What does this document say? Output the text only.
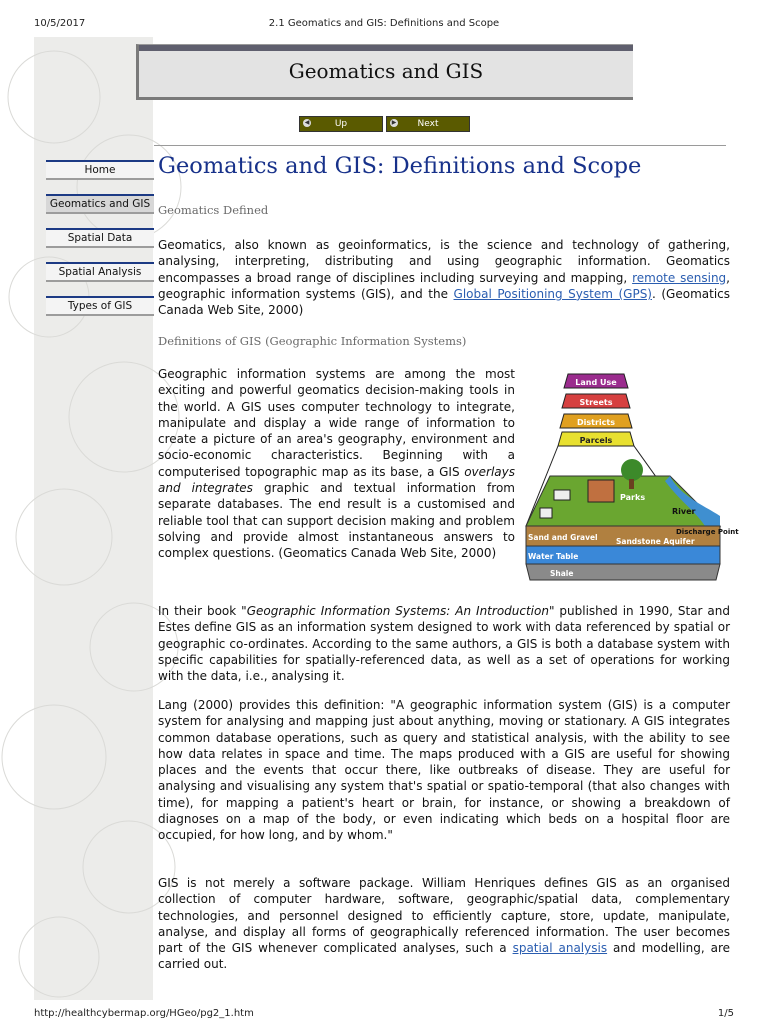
10/5/2017	2.1 Geomatics and GIS: Definitions and Scope
Geomatics and GIS
◀	Up	▶	Next
Home
Geomatics and GIS
Spatial Data
Spatial Analysis
Types of GIS
Geomatics and GIS: Definitions and Scope
Geomatics Defined
Geomatics, also known as geoinformatics, is the science and technology of gathering, analysing, interpreting, distributing and using geographic information. Geomatics encompasses a broad range of disciplines including surveying and mapping, remote sensing, geographic information systems (GIS), and the Global Positioning System (GPS). (Geomatics Canada Web Site, 2000)
Definitions of GIS (Geographic Information Systems)
Geographic information systems are among the most exciting and powerful geomatics decision-making tools in the world. A GIS uses computer technology to integrate, manipulate and display a wide range of information to create a picture of an area's geography, environment and socio-economic characteristics. Beginning with a computerised topographic map as its base, a GIS overlays and integrates graphic and textual information from separate databases. The end result is a customised and reliable tool that can support decision making and problem solving and provide almost instantaneous answers to complex questions. (Geomatics Canada Web Site, 2000)
Land Use
Streets
Districts
Parcels
Parks
River
Sand and Gravel Sandstone Aquifer
Discharge Point
Water Table
Shale
In their book "Geographic Information Systems: An Introduction" published in 1990, Star and Estes define GIS as an information system designed to work with data referenced by spatial or geographic co-ordinates. According to the same authors, a GIS is both a database system with specific capabilities for spatially-referenced data, as well as a set of operations for working with the data, i.e., analysing it.
Lang (2000) provides this definition: "A geographic information system (GIS) is a computer system for analysing and mapping just about anything, moving or stationary. A GIS integrates common database operations, such as query and statistical analysis, with the ability to see how data relates in space and time. The maps produced with a GIS are useful for showing places and the events that occur there, like outbreaks of disease. They are useful for analysing and visualising any system that's spatial or spatio-temporal (that also changes with time), for mapping a patient's heart or brain, for instance, or showing a breakdown of diagnoses on a map of the body, or even indicating which beds on a hospital floor are occupied, for how long, and by whom."
GIS is not merely a software package. William Henriques defines GIS as an organised collection of computer hardware, software, geographic/spatial data, complementary technologies, and personnel designed to efficiently capture, store, update, manipulate, analyse, and display all forms of geographically referenced information. The user becomes part of the GIS whenever complicated analyses, such a spatial analysis and modelling, are carried out.
http://healthcybermap.org/HGeo/pg2_1.htm	1/5
